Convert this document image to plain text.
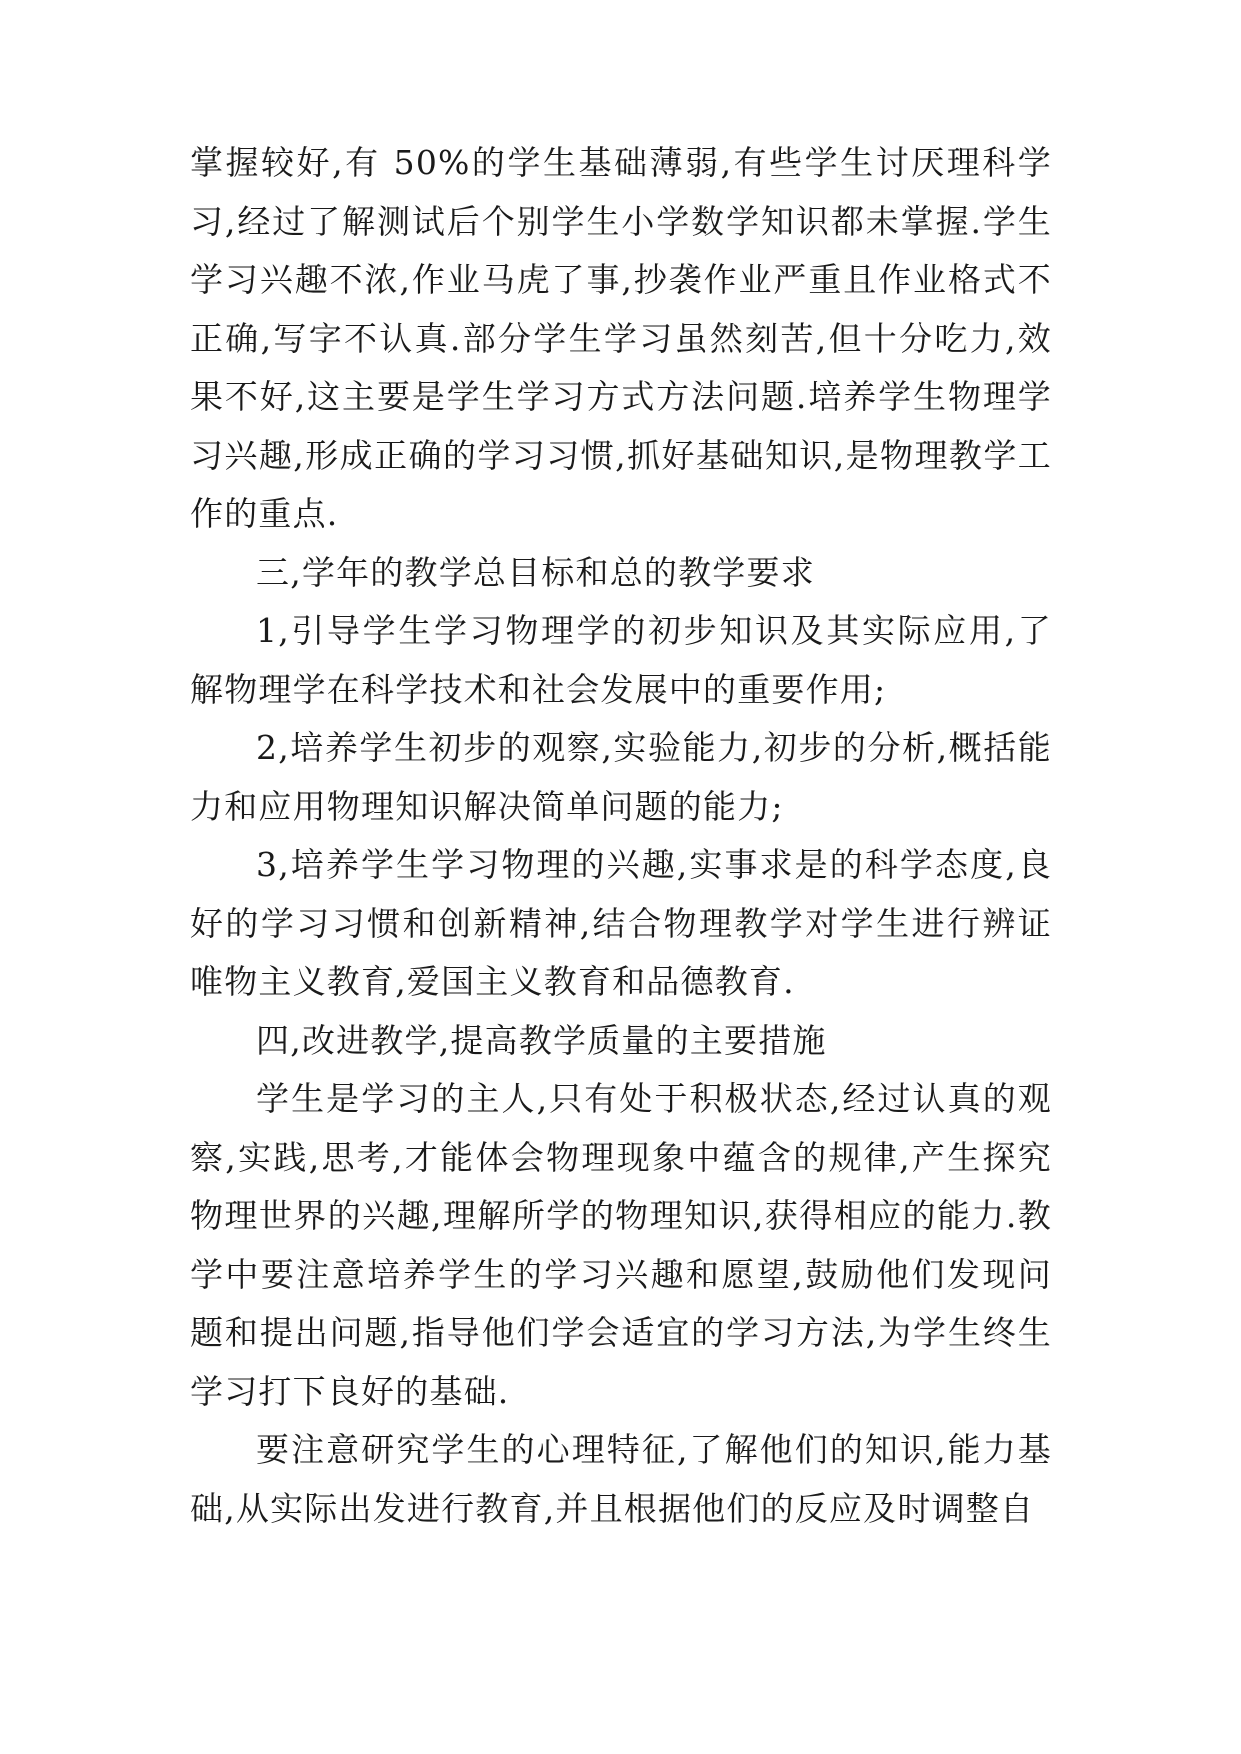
掌握较好,有 50%的学生基础薄弱,有些学生讨厌理科学习,经过了解测试后个别学生小学数学知识都未掌握.学生学习兴趣不浓,作业马虎了事,抄袭作业严重且作业格式不正确,写字不认真.部分学生学习虽然刻苦,但十分吃力,效果不好,这主要是学生学习方式方法问题.培养学生物理学习兴趣,形成正确的学习习惯,抓好基础知识,是物理教学工作的重点.

三,学年的教学总目标和总的教学要求

1,引导学生学习物理学的初步知识及其实际应用,了解物理学在科学技术和社会发展中的重要作用;

2,培养学生初步的观察,实验能力,初步的分析,概括能力和应用物理知识解决简单问题的能力;

3,培养学生学习物理的兴趣,实事求是的科学态度,良好的学习习惯和创新精神,结合物理教学对学生进行辨证唯物主义教育,爱国主义教育和品德教育.

四,改进教学,提高教学质量的主要措施

学生是学习的主人,只有处于积极状态,经过认真的观察,实践,思考,才能体会物理现象中蕴含的规律,产生探究物理世界的兴趣,理解所学的物理知识,获得相应的能力.教学中要注意培养学生的学习兴趣和愿望,鼓励他们发现问题和提出问题,指导他们学会适宜的学习方法,为学生终生学习打下良好的基础.

要注意研究学生的心理特征,了解他们的知识,能力基础,从实际出发进行教育,并且根据他们的反应及时调整自
